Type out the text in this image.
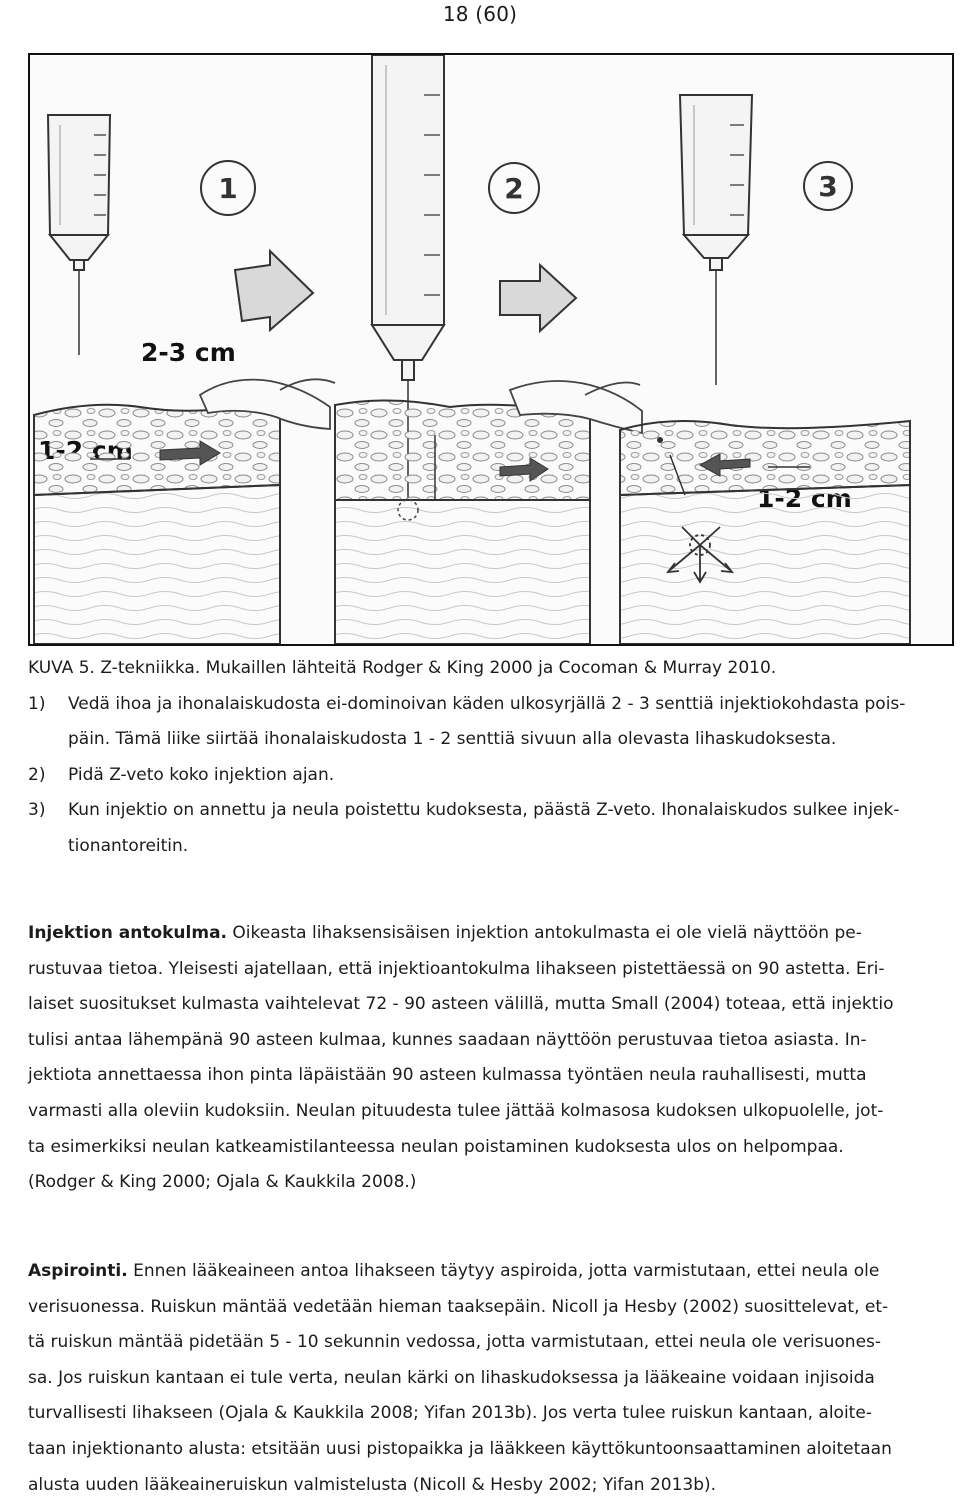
18 (60)
1	2	3
2-3 cm

KUVA 5. Z-tekniikka. Mukaillen lähteitä Rodger & King 2000 ja Cocoman & Murray 2010.

1) Vedä ihoa ja ihonalaiskudosta ei-dominoivan käden ulkosyrjällä 2 - 3 senttiä injektiokohdasta pois-
päin. Tämä liike siirtää ihonalaiskudosta 1 - 2 senttiä sivuun alla olevasta lihaskudoksesta.

2) Pidä Z-veto koko injektion ajan.

3) Kun injektio on annettu ja neula poistettu kudoksesta, päästä Z-veto. Ihonalaiskudos sulkee injek-
tionantoreitin.

Injektion antokulma. Oikeasta lihaksensisäisen injektion antokulmasta ei ole vielä näyttöön pe-

rustuvaa tietoa. Yleisesti ajatellaan, että injektioantokulma lihakseen pistettäessä on 90 astetta. Eri-

laiset suositukset kulmasta vaihtelevat 72 - 90 asteen välillä, mutta Small (2004) toteaa, että injektio

tulisi antaa lähempänä 90 asteen kulmaa, kunnes saadaan näyttöön perustuvaa tietoa asiasta. In-

jektiota annettaessa ihon pinta läpäistään 90 asteen kulmassa työntäen neula rauhallisesti, mutta

varmasti alla oleviin kudoksiin. Neulan pituudesta tulee jättää kolmasosa kudoksen ulkopuolelle, jot-

ta esimerkiksi neulan katkeamistilanteessa neulan poistaminen kudoksesta ulos on helpompaa.

(Rodger & King 2000; Ojala & Kaukkila 2008.)

Aspirointi. Ennen lääkeaineen antoa lihakseen täytyy aspiroida, jotta varmistutaan, ettei neula ole

verisuonessa. Ruiskun mäntää vedetään hieman taaksepäin. Nicoll ja Hesby (2002) suosittelevat, et-

tä ruiskun mäntää pidetään 5 - 10 sekunnin vedossa, jotta varmistutaan, ettei neula ole verisuones-

sa. Jos ruiskun kantaan ei tule verta, neulan kärki on lihaskudoksessa ja lääkeaine voidaan injisoida

turvallisesti lihakseen (Ojala & Kaukkila 2008; Yifan 2013b). Jos verta tulee ruiskun kantaan, aloite-

taan injektionanto alusta: etsitään uusi pistopaikka ja lääkkeen käyttökuntoonsaattaminen aloitetaan

alusta uuden lääkeaineruiskun valmistelusta (Nicoll & Hesby 2002; Yifan 2013b).
